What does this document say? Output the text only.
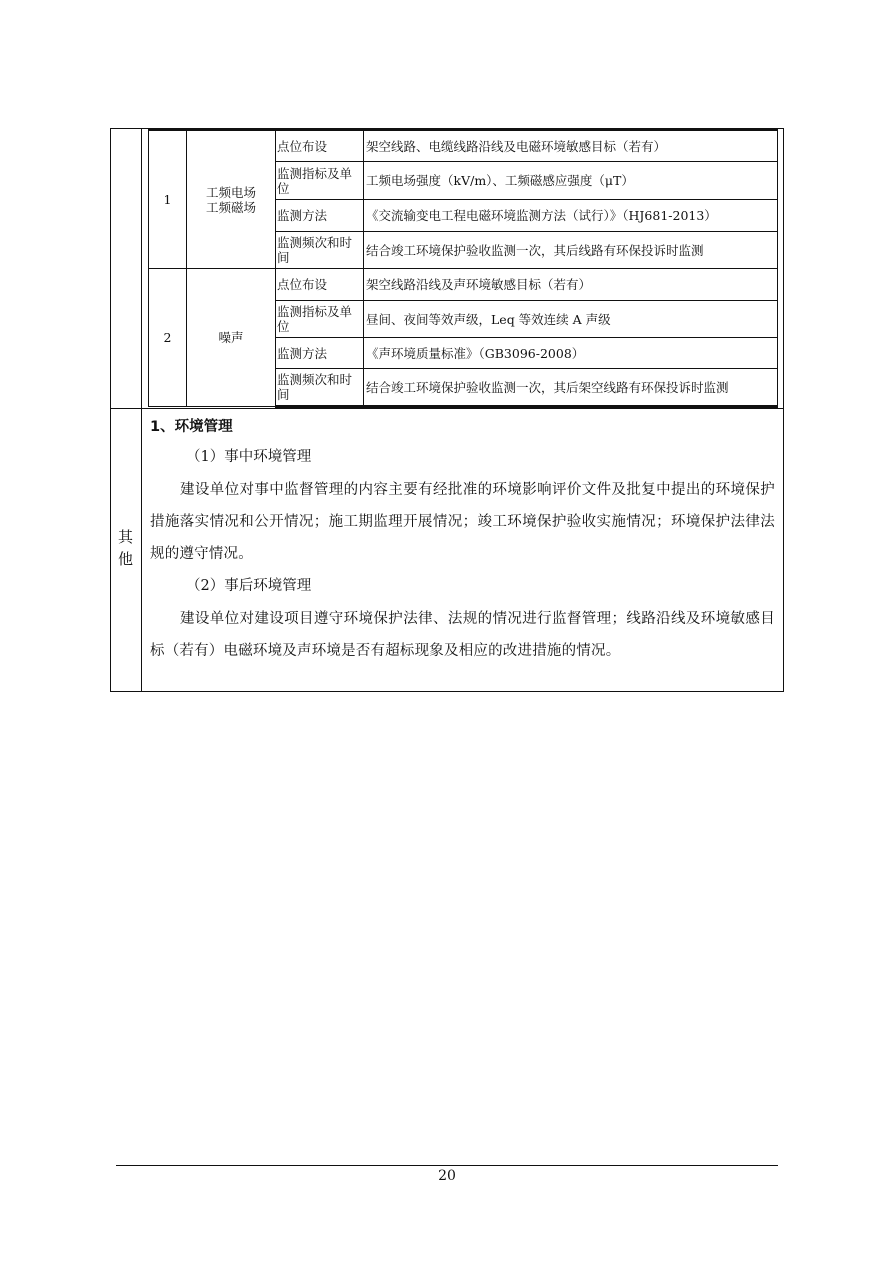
1	工频电场
工频磁场	点位布设	架空线路、电缆线路沿线及电磁环境敏感目标（若有）
		监测指标及单位	工频电场强度（kV/m）、工频磁感应强度（μT）
		监测方法	《交流输变电工程电磁环境监测方法（试行）》（HJ681-2013）
		监测频次和时间	结合竣工环境保护验收监测一次，其后线路有环保投诉时监测
2	噪声	点位布设	架空线路沿线及声环境敏感目标（若有）
		监测指标及单位	昼间、夜间等效声级，Leq 等效连续 A 声级
		监测方法	《声环境质量标准》（GB3096-2008）
		监测频次和时间	结合竣工环境保护验收监测一次，其后架空线路有环保投诉时监测
其
他
1、环境管理
（1）事中环境管理
建设单位对事中监督管理的内容主要有经批准的环境影响评价文件及批复中提出的环境保护措施落实情况和公开情况；施工期监理开展情况；竣工环境保护验收实施情况；环境保护法律法规的遵守情况。
（2）事后环境管理
建设单位对建设项目遵守环境保护法律、法规的情况进行监督管理；线路沿线及环境敏感目标（若有）电磁环境及声环境是否有超标现象及相应的改进措施的情况。
20
